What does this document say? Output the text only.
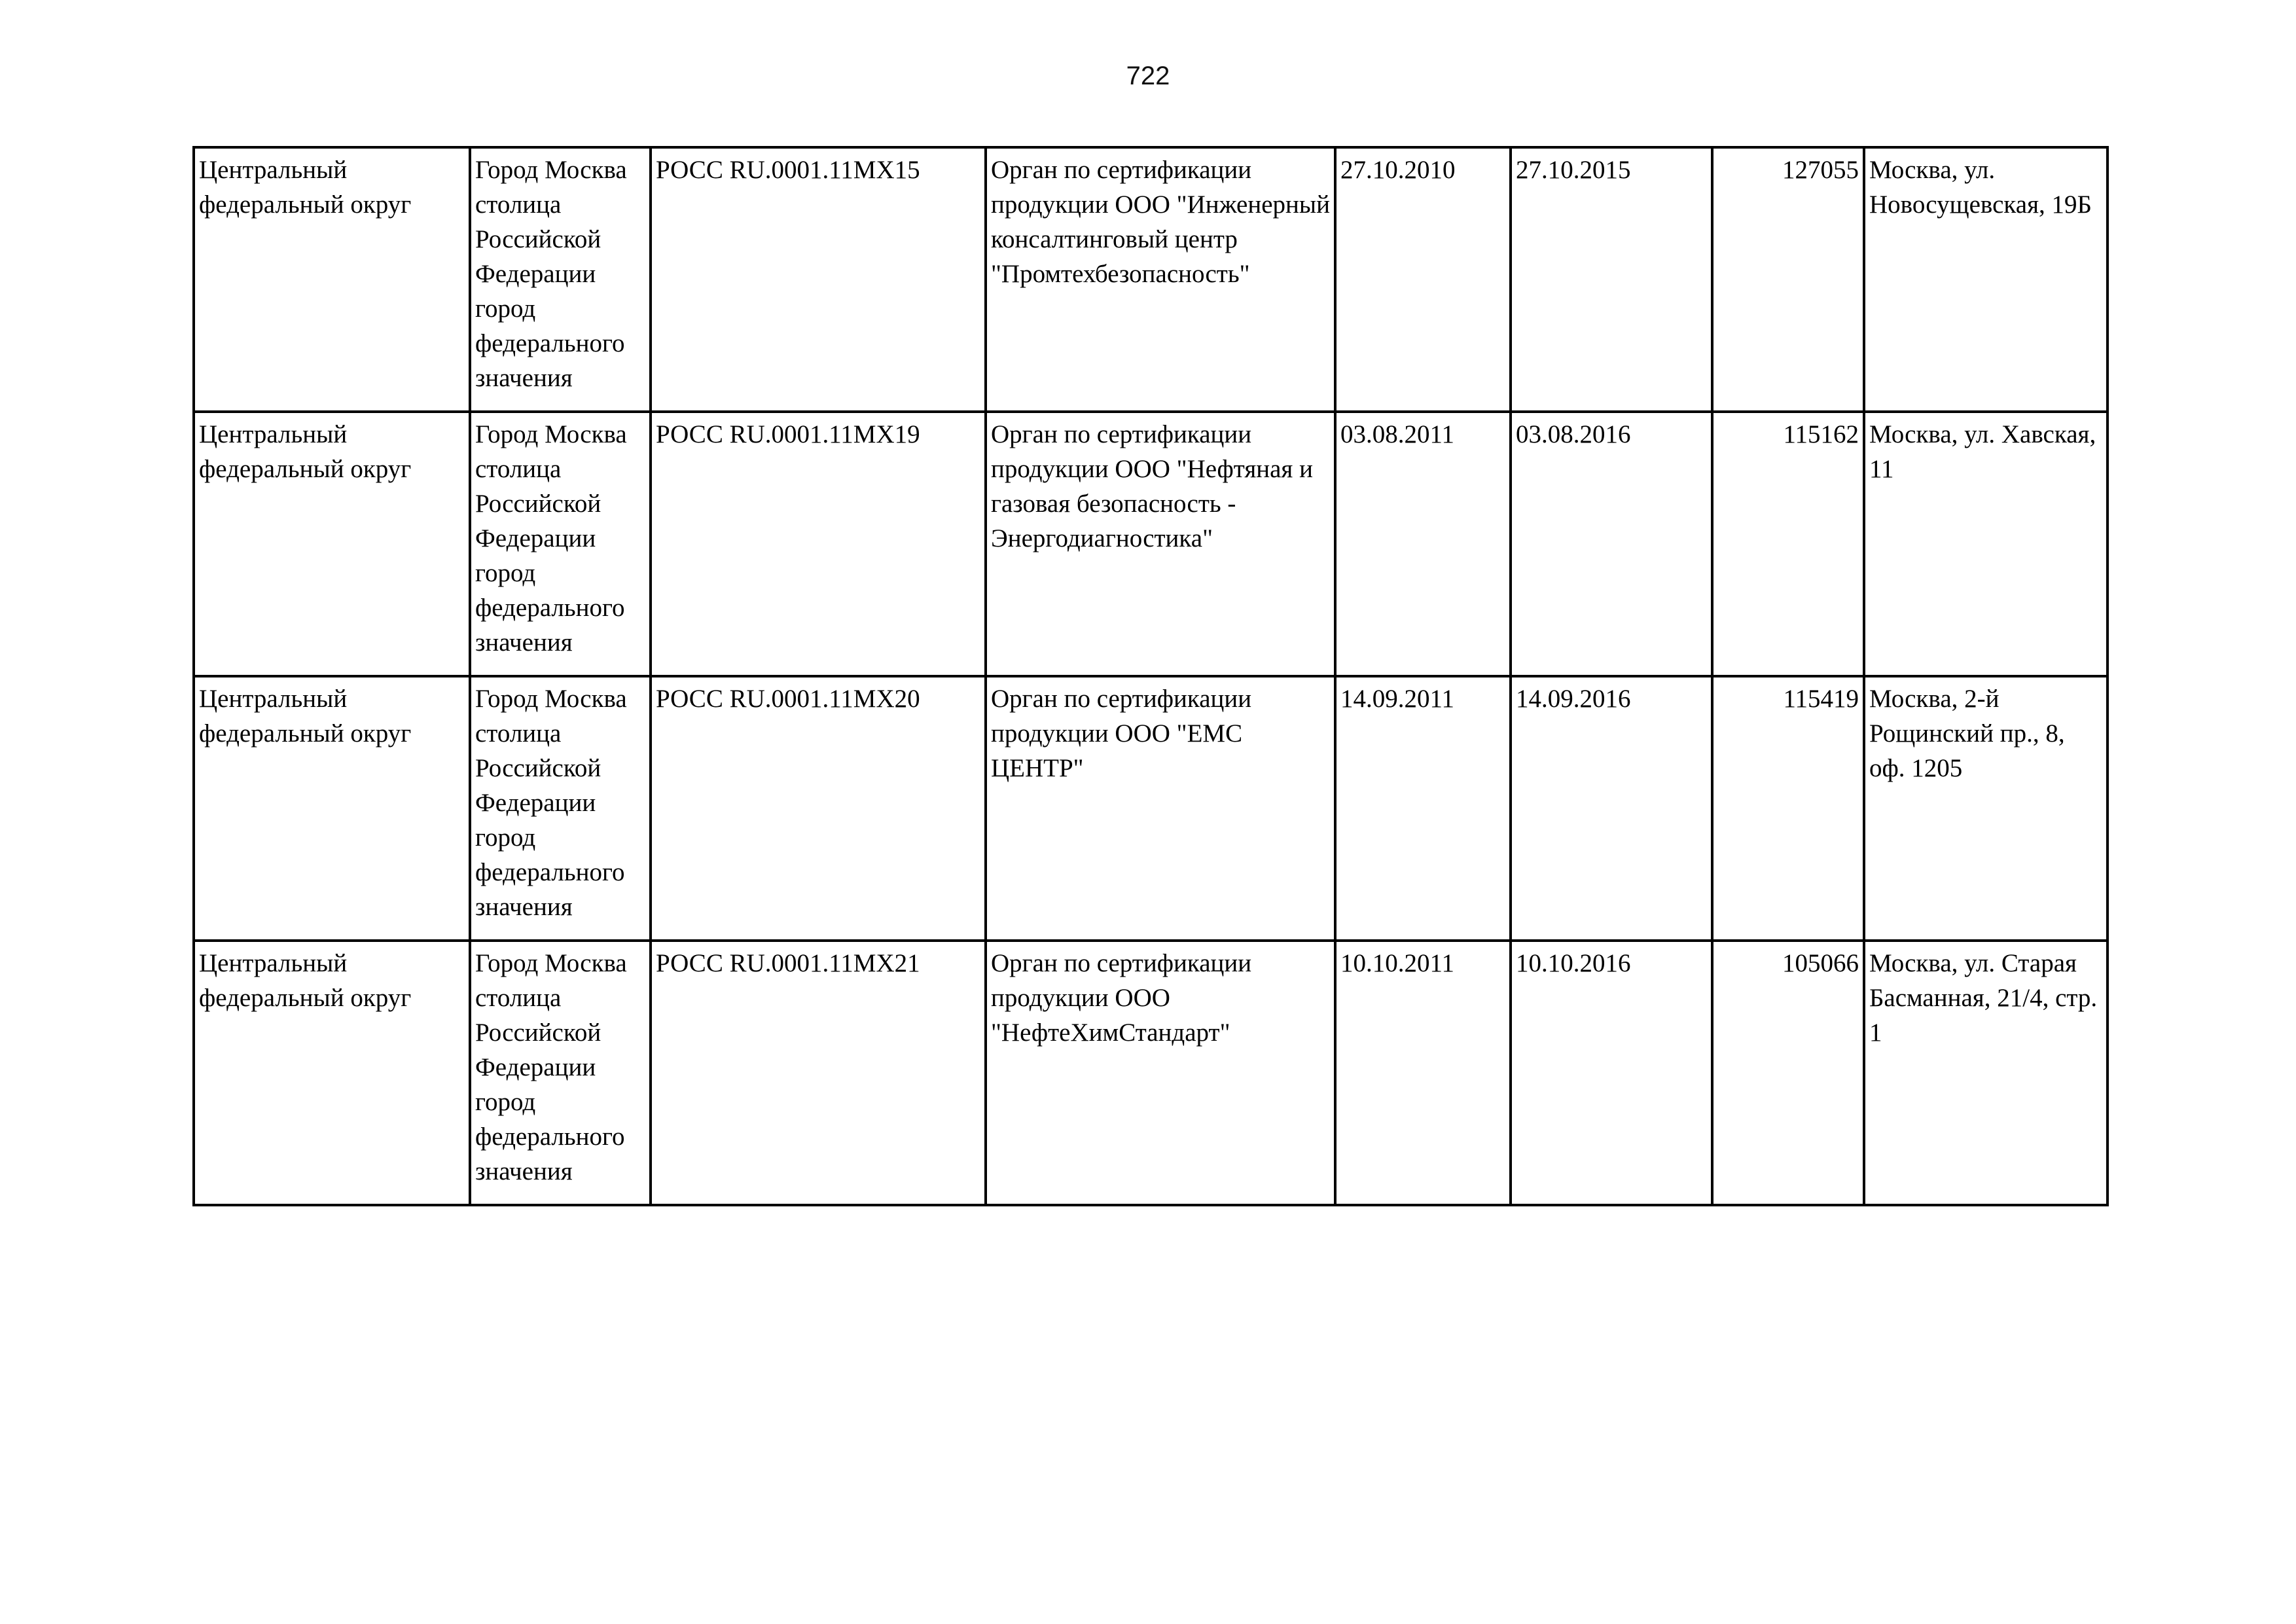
722
Центральный федеральный округ	Город Москва столица Российской Федерации город федерального значения	РОСС RU.0001.11МХ15	Орган по сертификации продукции ООО "Инженерный консалтинговый центр "Промтехбезопасность"	27.10.2010	27.10.2015	127055	Москва, ул. Новосущевская, 19Б

Центральный федеральный округ	Город Москва столица Российской Федерации город федерального значения	РОСС RU.0001.11МХ19	Орган по сертификации продукции ООО "Нефтяная и газовая безопасность - Энергодиагностика"	03.08.2011	03.08.2016	115162	Москва, ул. Хавская, 11

Центральный федеральный округ	Город Москва столица Российской Федерации город федерального значения	РОСС RU.0001.11МХ20	Орган по сертификации продукции ООО "ЕМС ЦЕНТР"	14.09.2011	14.09.2016	115419	Москва, 2-й Рощинский пр., 8, оф. 1205

Центральный федеральный округ	Город Москва столица Российской Федерации город федерального значения	РОСС RU.0001.11МХ21	Орган по сертификации продукции ООО "НефтеХимСтандарт"	10.10.2011	10.10.2016	105066	Москва, ул. Старая Басманная, 21/4, стр. 1
